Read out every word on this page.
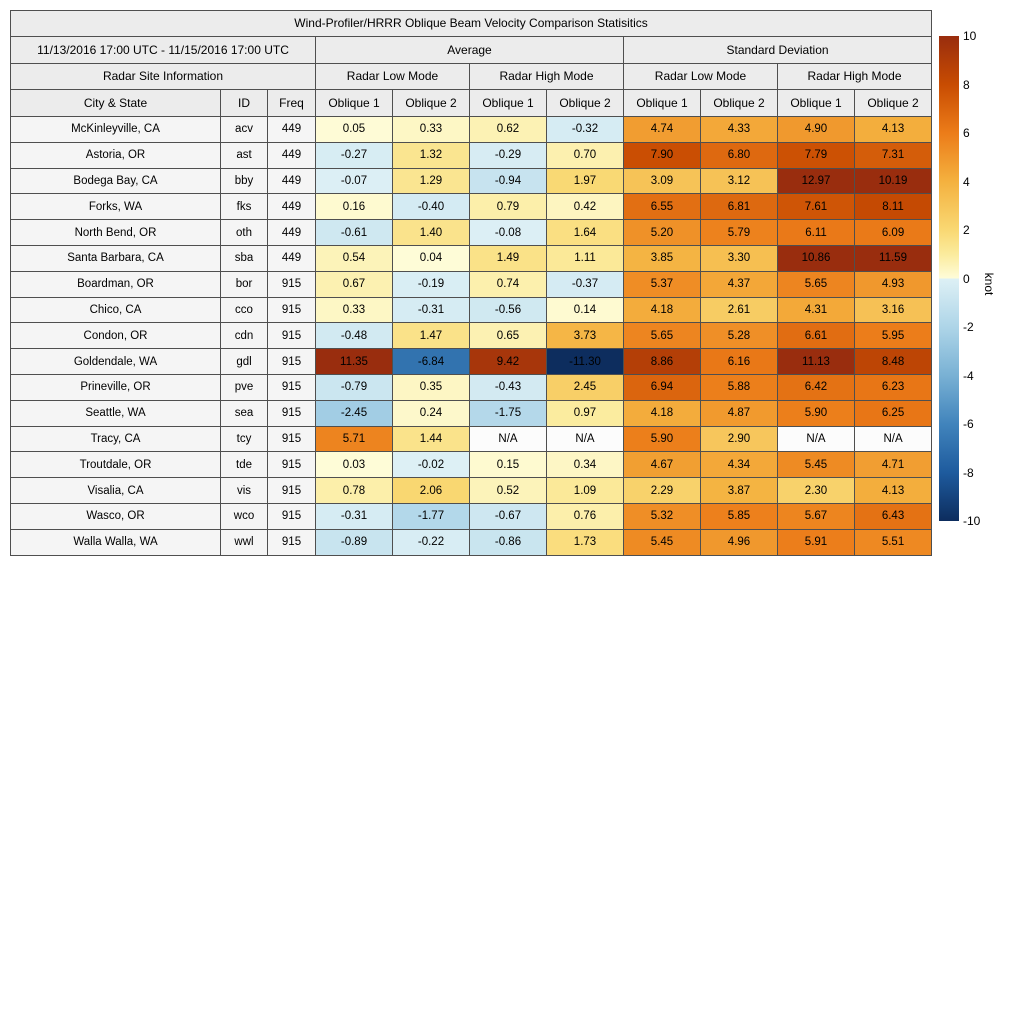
Wind-Profiler/HRRR Oblique Beam Velocity Comparison Statisitics										
11/13/2016 17:00 UTC - 11/15/2016 17:00 UTC			Average				Standard Deviation			
Radar Site Information			Radar Low Mode		Radar High Mode		Radar Low Mode		Radar High Mode	
City & State	ID	Freq	Oblique 1	Oblique 2	Oblique 1	Oblique 2	Oblique 1	Oblique 2	Oblique 1	Oblique 2
McKinleyville, CA	acv	449	0.05	0.33	0.62	-0.32	4.74	4.33	4.90	4.13
Astoria, OR	ast	449	-0.27	1.32	-0.29	0.70	7.90	6.80	7.79	7.31
Bodega Bay, CA	bby	449	-0.07	1.29	-0.94	1.97	3.09	3.12	12.97	10.19
Forks, WA	fks	449	0.16	-0.40	0.79	0.42	6.55	6.81	7.61	8.11
North Bend, OR	oth	449	-0.61	1.40	-0.08	1.64	5.20	5.79	6.11	6.09
Santa Barbara, CA	sba	449	0.54	0.04	1.49	1.11	3.85	3.30	10.86	11.59
Boardman, OR	bor	915	0.67	-0.19	0.74	-0.37	5.37	4.37	5.65	4.93
Chico, CA	cco	915	0.33	-0.31	-0.56	0.14	4.18	2.61	4.31	3.16
Condon, OR	cdn	915	-0.48	1.47	0.65	3.73	5.65	5.28	6.61	5.95
Goldendale, WA	gdl	915	11.35	-6.84	9.42	-11.30	8.86	6.16	11.13	8.48
Prineville, OR	pve	915	-0.79	0.35	-0.43	2.45	6.94	5.88	6.42	6.23
Seattle, WA	sea	915	-2.45	0.24	-1.75	0.97	4.18	4.87	5.90	6.25
Tracy, CA	tcy	915	5.71	1.44	N/A	N/A	5.90	2.90	N/A	N/A
Troutdale, OR	tde	915	0.03	-0.02	0.15	0.34	4.67	4.34	5.45	4.71
Visalia, CA	vis	915	0.78	2.06	0.52	1.09	2.29	3.87	2.30	4.13
Wasco, OR	wco	915	-0.31	-1.77	-0.67	0.76	5.32	5.85	5.67	6.43
Walla Walla, WA	wwl	915	-0.89	-0.22	-0.86	1.73	5.45	4.96	5.91	5.51
10
8
6
4
2
0
-2
-4
-6
-8
-10
knot
